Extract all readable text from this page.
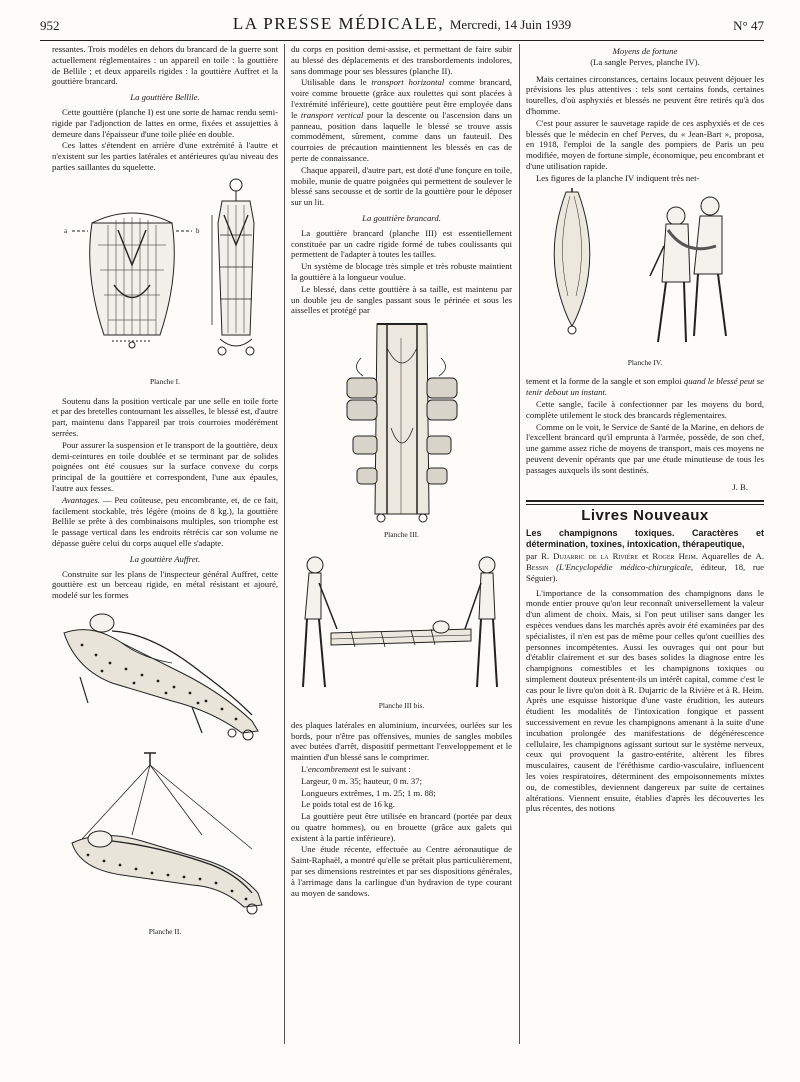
952	LA PRESSE MÉDICALE, Mercredi, 14 Juin 1939	N° 47

ressantes. Trois modèles en dehors du brancard de la guerre sont actuellement réglementaires : un appareil en toile : la gouttière de Bellile ; et deux appareils rigides : la gouttière Auffret et la gouttière brancard.

La gouttière Bellile.

Cette gouttière (planche I) est une sorte de hamac rendu semi-rigide par l'adjonction de lattes en orme, fixées et assujetties à demeure dans l'épaisseur d'une toile pliée en double.

Ces lattes s'étendent en arrière d'une extrémité à l'autre et n'existent sur les parties latérales et antérieures qu'au niveau des parties saillantes du squelette.

a	b

Planche I.

Soutenu dans la position verticale par une selle en toile forte et par des bretelles contournant les aisselles, le blessé est, d'autre part, maintenu dans l'appareil par trois courroies modérément serrées.

Pour assurer la suspension et le transport de la gouttière, deux demi-ceintures en toile doublée et se terminant par de solides poignées ont été cousues sur la surface convexe du corps principal de la gouttière et correspondent, l'une aux épaules, l'autre aux fesses.

Avantages. — Peu coûteuse, peu encombrante, et, de ce fait, facilement stockable, très légère (moins de 8 kg.), la gouttière Bellile se prête à des combinaisons multiples, son triomphe est le passage vertical dans les endroits rétrécis car son volume ne dépasse guère celui du corps auquel elle s'adapte.

La gouttière Auffret.

Construite sur les plans de l'inspecteur général Auffret, cette gouttière est un berceau rigide, en métal résistant et ajouré, modelé sur les formes

Planche II.

du corps en position demi-assise, et permettant de faire subir au blessé des déplacements et des transbordements indolores, sans dommage pour ses blessures (planche II).

Utilisable dans le transport horizontal comme brancard, voire comme brouette (grâce aux roulettes qui sont placées à l'extrémité inférieure), cette gouttière peut être employée dans le transport vertical pour la descente ou l'ascension dans un panneau, position dans laquelle le blessé se trouve assis commodément, sûrement, comme dans un fauteuil. Des courroies de précaution maintiennent les blessés en cas de perte de connaissance.

Chaque appareil, d'autre part, est doté d'une fonçure en toile, mobile, munie de quatre poignées qui permettent de soulever le blessé sans secousse et de sortir de la gouttière pour le déposer sur un lit.

La gouttière brancard.

La gouttière brancard (planche III) est essentiellement constituée par un cadre rigide formé de tubes coulissants qui permettent de l'adapter à toutes les tailles.

Un système de blocage très simple et très robuste maintient la gouttière à la longueur voulue.

Le blessé, dans cette gouttière à sa taille, est maintenu par un double jeu de sangles passant sous le périnée et sous les aisselles et protégé par

Planche III.

Planche III bis.

des plaques latérales en aluminium, incurvées, ourlées sur les bords, pour n'être pas offensives, munies de sangles mobiles avec butées d'arrêt, dispositif permettant l'enveloppement et le maintien d'un blessé sans le comprimer.

L'encombrement est le suivant :

Largeur, 0 m. 35; hauteur, 0 m. 37;

Longueurs extrêmes, 1 m. 25; 1 m. 88;

Le poids total est de 16 kg.

La gouttière peut être utilisée en brancard (portée par deux ou quatre hommes), ou en brouette (grâce aux galets qui existent à la partie inférieure).

Une étude récente, effectuée au Centre aéronautique de Saint-Raphaël, a montré qu'elle se prêtait plus particulièrement, par ses dimensions restreintes et par ses dispositions générales, à l'arrimage dans la carlingue d'un hydravion de type courant au moyen de sandows.

Moyens de fortune

(La sangle Perves, planche IV).

Mais certaines circonstances, certains locaux peuvent déjouer les prévisions les plus attentives : tels sont certains fonds, certaines tourelles, d'où asphyxiés et blessés ne peuvent être retirés qu'à dos d'homme.

C'est pour assurer le sauvetage rapide de ces asphyxiés et de ces blessés que le médecin en chef Perves, du « Jean-Bart », proposa, en 1918, l'emploi de la sangle des pompiers de Paris un peu modifiée, moyen de fortune simple, économique, peu encombrant et d'une utilisation rapide.

Les figures de la planche IV indiquent très net-

Planche IV.

tement et la forme de la sangle et son emploi quand le blessé peut se tenir debout un instant.

Cette sangle, facile à confectionner par les moyens du bord, complète utilement le stock des brancards réglementaires.

Comme on le voit, le Service de Santé de la Marine, en dehors de l'excellent brancard qu'il emprunta à l'armée, possède, de son chef, une gamme assez riche de moyens de transport, mais ces moyens ne peuvent devenir opérants que par une étude minutieuse de tous les passages auxquels ils sont destinés.

J. B.

Livres Nouveaux

Les champignons toxiques. Caractères et détermination, toxines, intoxication, thérapeutique,

par R. Dujarric de la Rivière et Roger Heim. Aquarelles de A. Bessin (L'Encyclopédie médico-chirurgicale, éditeur, 18, rue Séguier).

L'importance de la consommation des champignons dans le monde entier prouve qu'on leur reconnaît universellement la valeur d'un aliment de choix. Mais, si l'on peut utiliser sans danger les espèces vendues dans les marchés après avoir été examinées par des spécialistes, il n'en est pas de même pour celles qu'ont cueillies des personnes incompétentes. Aussi les ouvrages qui ont pour but d'établir clairement et sur des bases solides la diagnose entre les champignons comestibles et les champignons toxiques ou simplement douteux présentent-ils un intérêt capital, comme c'est le cas pour le livre qu'on doit à R. Dujarric de la Rivière et à R. Heim. Après une esquisse historique d'une vaste érudition, les auteurs étudient les modalités de l'intoxication fongique et passent successivement en revue les champignons amenant à la suite d'une incubation prolongée des manifestations de dégénérescence cellulaire, les champignons agissant surtout sur le système nerveux, ceux qui provoquent la gastro-entérite, altèrent les fibres musculaires, causent de l'éréthisme cardio-vasculaire, influencent les voies respiratoires, déterminent des empoisonnements mixtes ou, de comestibles, deviennent dangereux par suite de certaines altérations. Viennent ensuite, établies d'après les découvertes les plus récentes, des notions
